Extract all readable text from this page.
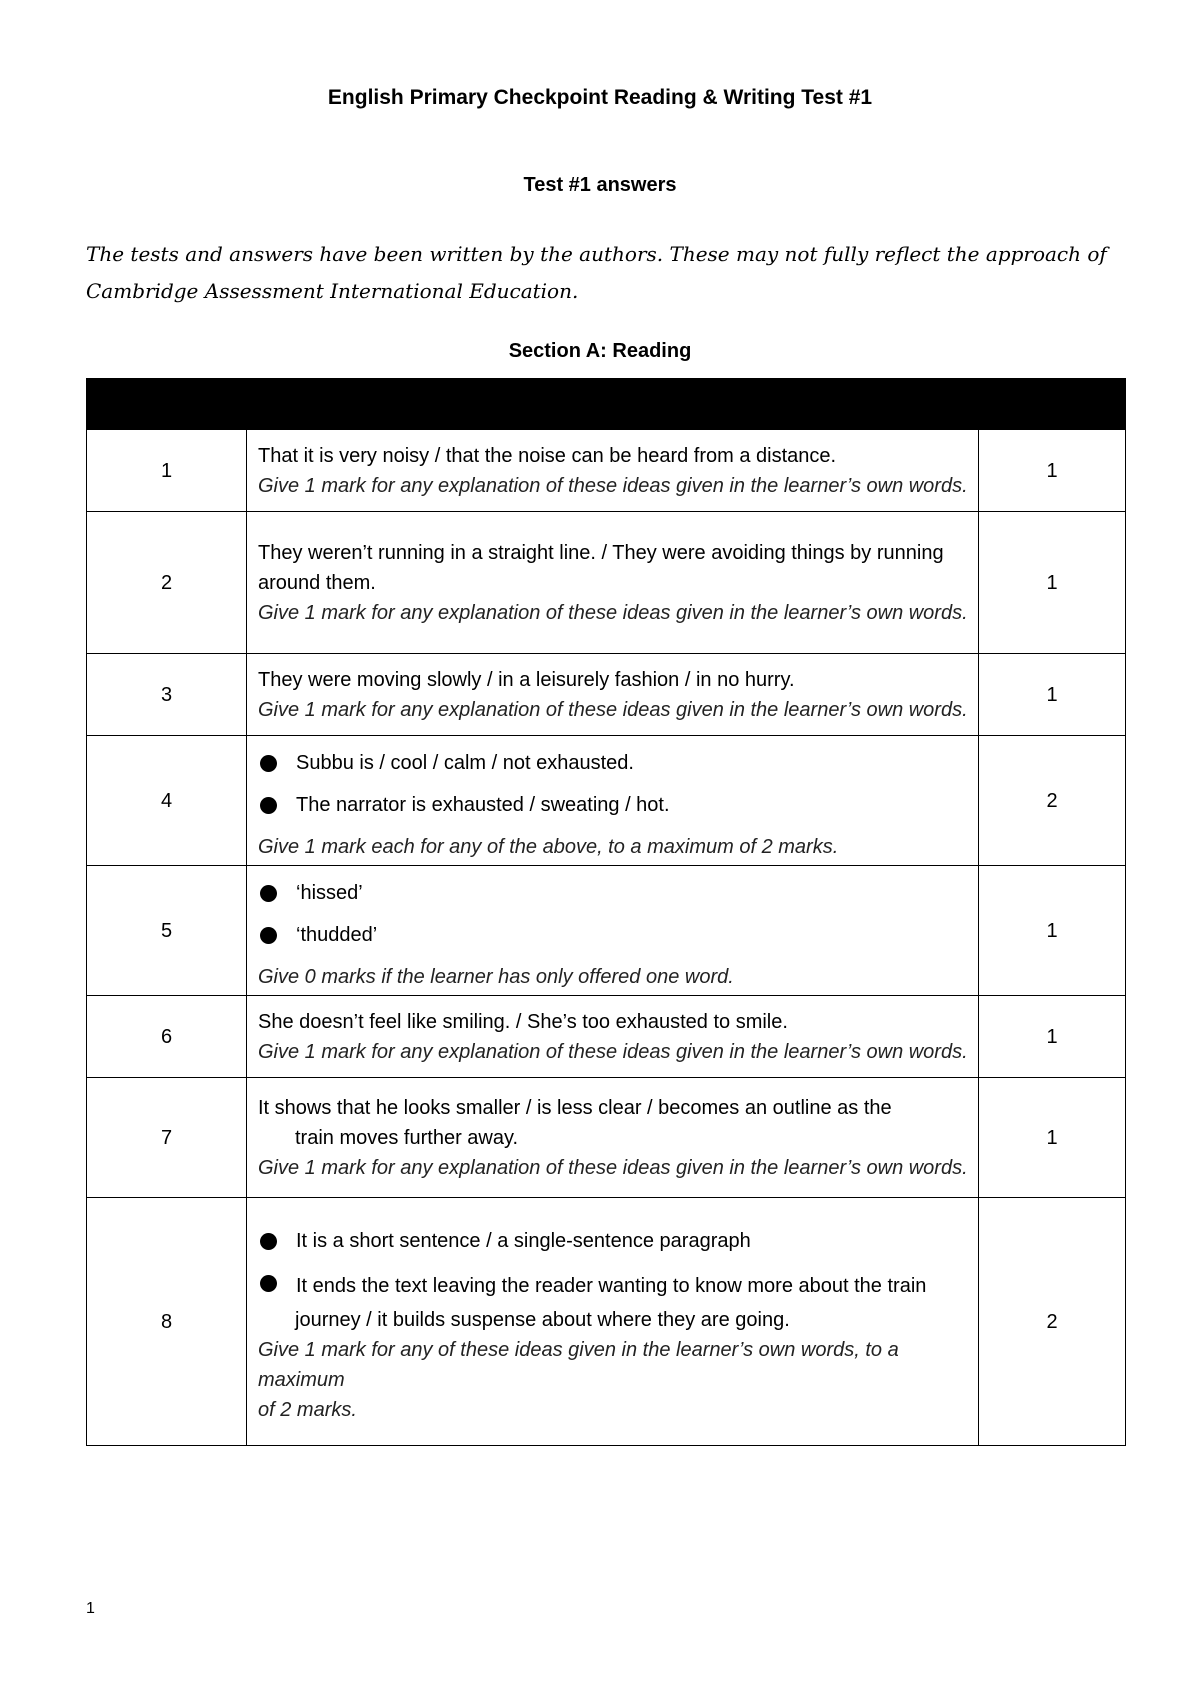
English Primary Checkpoint Reading & Writing Test #1
Test #1 answers
The tests and answers have been written by the authors. These may not fully reflect the approach of Cambridge Assessment International Education.
Section A: Reading

1	That it is very noisy / that the noise can be heard from a distance.
Give 1 mark for any explanation of these ideas given in the learner’s own words.	1
2	They weren’t running in a straight line. / They were avoiding things by running
around them.
Give 1 mark for any explanation of these ideas given in the learner’s own words.	1
3	They were moving slowly / in a leisurely fashion / in no hurry.
Give 1 mark for any explanation of these ideas given in the learner’s own words.	1
4	Subbu is / cool / calm / not exhausted.
The narrator is exhausted / sweating / hot.
Give 1 mark each for any of the above, to a maximum of 2 marks.	2
5	‘hissed’
‘thudded’
Give 0 marks if the learner has only offered one word.	1
6	She doesn’t feel like smiling. / She’s too exhausted to smile.
Give 1 mark for any explanation of these ideas given in the learner’s own words.	1
7	It shows that he looks smaller / is less clear / becomes an outline as the
train moves further away.
Give 1 mark for any explanation of these ideas given in the learner’s own words.	1
8	It is a short sentence / a single-sentence paragraph
It ends the text leaving the reader wanting to know more about the train
journey / it builds suspense about where they are going.
Give 1 mark for any of these ideas given in the learner’s own words, to a maximum
of 2 marks.	2
1
